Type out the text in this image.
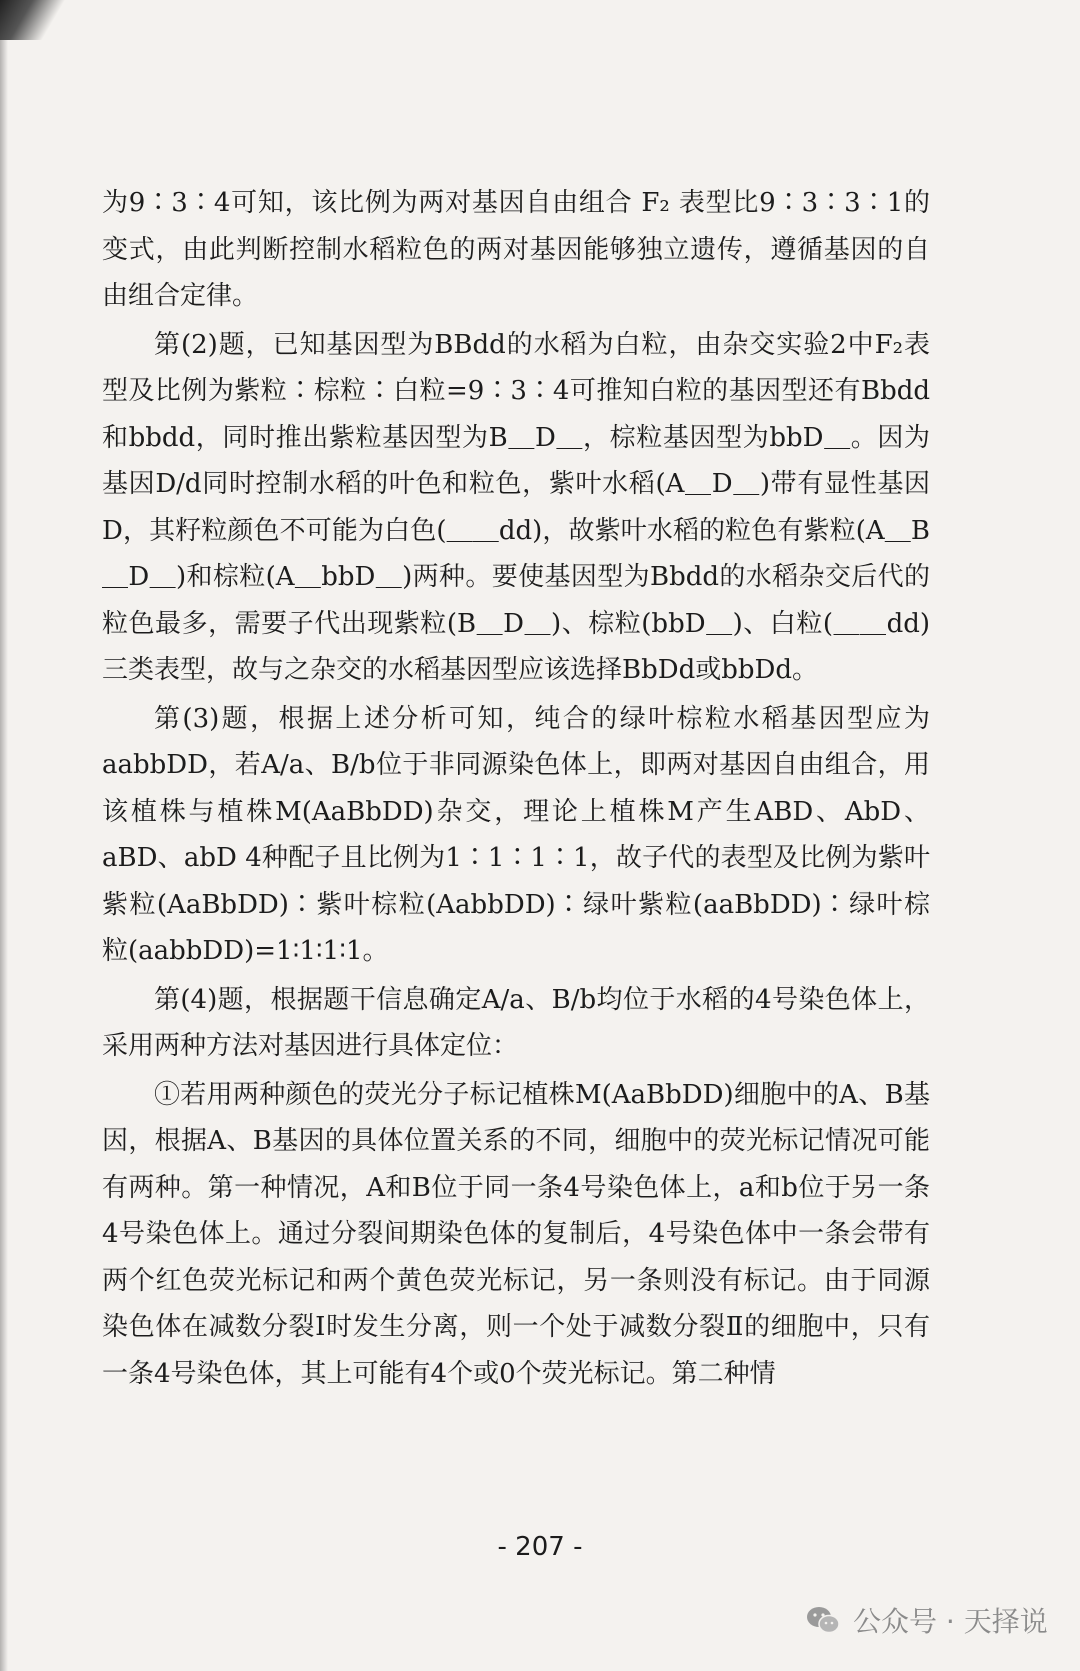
为9∶3∶4可知，该比例为两对基因自由组合 F₂ 表型比9∶3∶3∶1的变式，由此判断控制水稻粒色的两对基因能够独立遗传，遵循基因的自由组合定律。

第(2)题，已知基因型为BBdd的水稻为白粒，由杂交实验2中F₂表型及比例为紫粒∶棕粒∶白粒=9∶3∶4可推知白粒的基因型还有Bbdd和bbdd，同时推出紫粒基因型为B＿D＿，棕粒基因型为bbD＿。因为基因D/d同时控制水稻的叶色和粒色，紫叶水稻(A＿D＿)带有显性基因D，其籽粒颜色不可能为白色(＿＿dd)，故紫叶水稻的粒色有紫粒(A＿B＿D＿)和棕粒(A＿bbD＿)两种。要使基因型为Bbdd的水稻杂交后代的粒色最多，需要子代出现紫粒(B＿D＿)、棕粒(bbD＿)、白粒(＿＿dd)三类表型，故与之杂交的水稻基因型应该选择BbDd或bbDd。

第(3)题，根据上述分析可知，纯合的绿叶棕粒水稻基因型应为aabbDD，若A/a、B/b位于非同源染色体上，即两对基因自由组合，用该植株与植株M(AaBbDD)杂交，理论上植株M产生ABD、AbD、aBD、abD 4种配子且比例为1∶1∶1∶1，故子代的表型及比例为紫叶紫粒(AaBbDD)∶紫叶棕粒(AabbDD)∶绿叶紫粒(aaBbDD)∶绿叶棕粒(aabbDD)=1∶1∶1∶1。

第(4)题，根据题干信息确定A/a、B/b均位于水稻的4号染色体上，采用两种方法对基因进行具体定位：

①若用两种颜色的荧光分子标记植株M(AaBbDD)细胞中的A、B基因，根据A、B基因的具体位置关系的不同，细胞中的荧光标记情况可能有两种。第一种情况，A和B位于同一条4号染色体上，a和b位于另一条4号染色体上。通过分裂间期染色体的复制后，4号染色体中一条会带有两个红色荧光标记和两个黄色荧光标记，另一条则没有标记。由于同源染色体在减数分裂Ⅰ时发生分离，则一个处于减数分裂Ⅱ的细胞中，只有一条4号染色体，其上可能有4个或0个荧光标记。第二种情

- 207 -
公众号 · 天择说
